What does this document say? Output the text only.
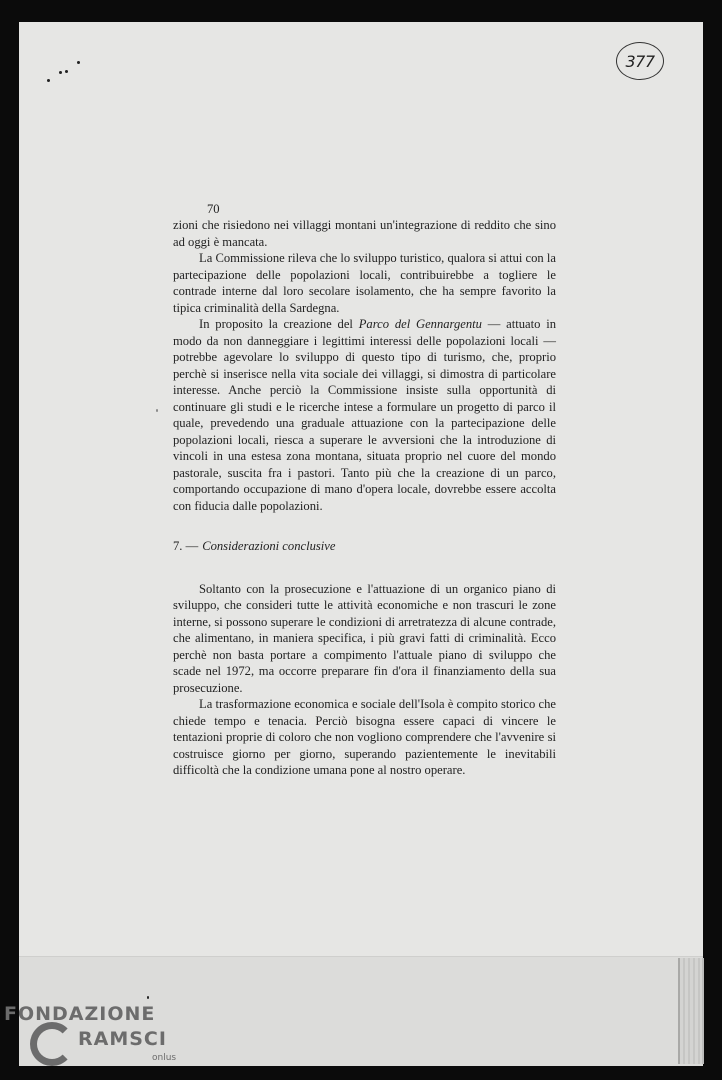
377

70

zioni che risiedono nei villaggi montani un'integrazione di reddito che sino ad oggi è mancata.

La Commissione rileva che lo sviluppo turistico, qualora si attui con la partecipazione delle popolazioni locali, contribuirebbe a togliere le contrade interne dal loro secolare isolamento, che ha sempre favorito la tipica criminalità della Sardegna.

In proposito la creazione del Parco del Gennargentu — attuato in modo da non danneggiare i legittimi interessi delle popolazioni locali — potrebbe agevolare lo sviluppo di questo tipo di turismo, che, proprio perchè si inserisce nella vita sociale dei villaggi, si dimostra di particolare interesse. Anche perciò la Commissione insiste sulla opportunità di continuare gli studi e le ricerche intese a formulare un progetto di parco il quale, prevedendo una graduale attuazione con la partecipazione delle popolazioni locali, riesca a superare le avversioni che la introduzione di vincoli in una estesa zona montana, situata proprio nel cuore del mondo pastorale, suscita fra i pastori. Tanto più che la creazione di un parco, comportando occupazione di mano d'opera locale, dovrebbe essere accolta con fiducia dalle popolazioni.

7. — Considerazioni conclusive

Soltanto con la prosecuzione e l'attuazione di un organico piano di sviluppo, che consideri tutte le attività economiche e non trascuri le zone interne, si possono superare le condizioni di arretratezza di alcune contrade, che alimentano, in maniera specifica, i più gravi fatti di criminalità. Ecco perchè non basta portare a compimento l'attuale piano di sviluppo che scade nel 1972, ma occorre preparare fin d'ora il finanziamento della sua prosecuzione.

La trasformazione economica e sociale dell'Isola è compito storico che chiede tempo e tenacia. Perciò bisogna essere capaci di vincere le tentazioni proprie di coloro che non vogliono comprendere che l'avvenire si costruisce giorno per giorno, superando pazientemente le inevitabili difficoltà che la condizione umana pone al nostro operare.

FONDAZIONE
RAMSCI
onlus
